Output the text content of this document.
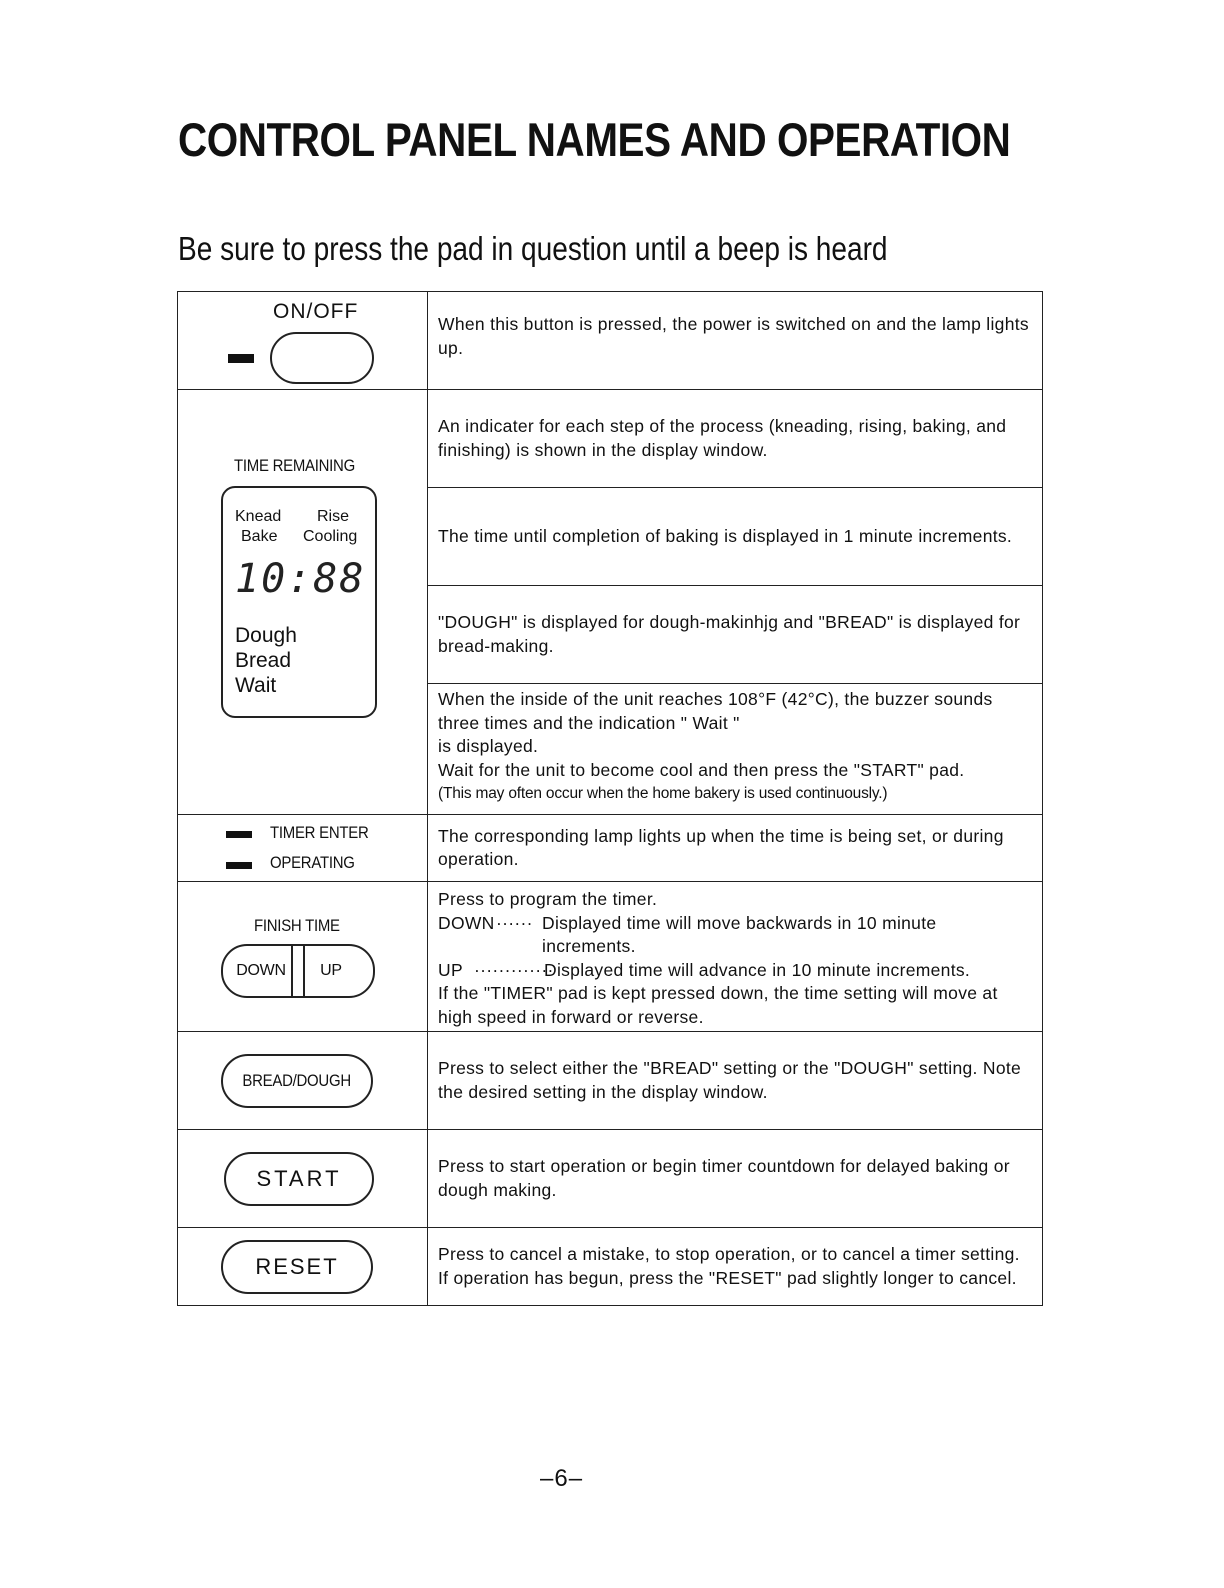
CONTROL PANEL NAMES AND OPERATION
Be sure to press the pad in question until a beep is heard
ON/OFF
When this button is pressed, the power is switched on and the lamp lights up.
TIME REMAINING
Knead Rise
Bake Cooling
10:88
Dough
Bread
Wait
An indicater for each step of the process (kneading, rising, baking, and finishing) is shown in the display window.
The time until completion of baking is displayed in 1 minute increments.
"DOUGH" is displayed for dough-makinhjg and "BREAD" is displayed for bread-making.
When the inside of the unit reaches 108°F (42°C), the buzzer sounds three times and the indication " Wait "
is displayed.
Wait for the unit to become cool and then press the "START" pad.
(This may often occur when the home bakery is used continuously.)
TIMER ENTER
OPERATING
The corresponding lamp lights up when the time is being set, or during operation.
FINISH TIME
DOWN UP
Press to program the timer.
DOWN ······ Displayed time will move backwards in 10 minute increments.
UP ·············
Displayed time will advance in 10 minute increments.
If the "TIMER" pad is kept pressed down, the time setting will move at high speed in forward or reverse.
BREAD/DOUGH
Press to select either the "BREAD" setting or the "DOUGH" setting. Note the desired setting in the display window.
START	Press to start operation or begin timer countdown for delayed baking or dough making.
RESET	Press to cancel a mistake, to stop operation, or to cancel a timer setting. If operation has begun, press the "RESET" pad slightly longer to cancel.
–6–
